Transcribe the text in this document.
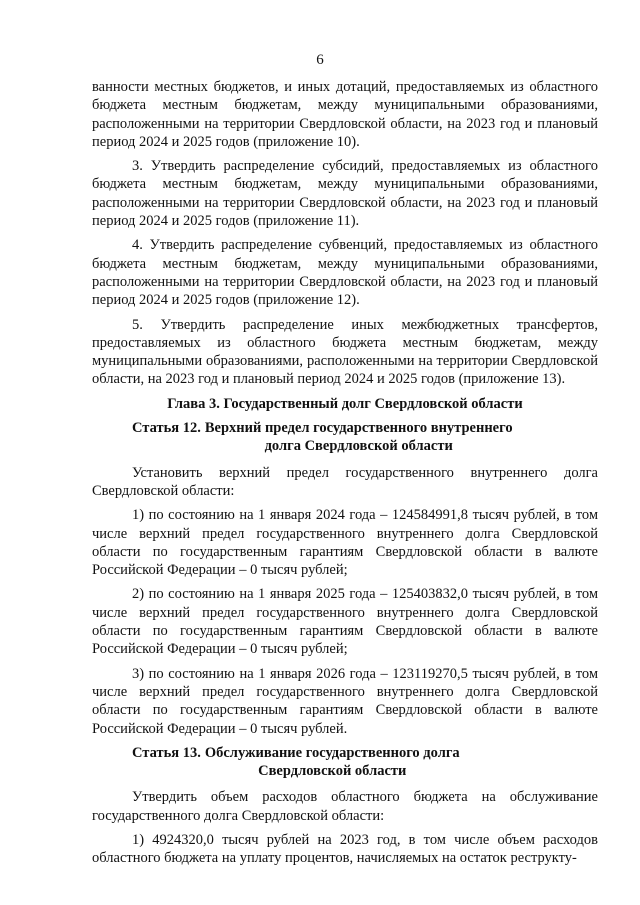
6

ванности местных бюджетов, и иных дотаций, предоставляемых из областного бюджета местным бюджетам, между муниципальными образованиями, расположенными на территории Свердловской области, на 2023 год и плановый период 2024 и 2025 годов (приложение 10).

3. Утвердить распределение субсидий, предоставляемых из областного бюджета местным бюджетам, между муниципальными образованиями, расположенными на территории Свердловской области, на 2023 год и плановый период 2024 и 2025 годов (приложение 11).

4. Утвердить распределение субвенций, предоставляемых из областного бюджета местным бюджетам, между муниципальными образованиями, расположенными на территории Свердловской области, на 2023 год и плановый период 2024 и 2025 годов (приложение 12).

5. Утвердить распределение иных межбюджетных трансфертов, предоставляемых из областного бюджета местным бюджетам, между муниципальными образованиями, расположенными на территории Свердловской области, на 2023 год и плановый период 2024 и 2025 годов (приложение 13).

Глава 3. Государственный долг Свердловской области
Статья 12. Верхний предел государственного внутреннего
долга Свердловской области

Установить верхний предел государственного внутреннего долга Свердловской области:

1) по состоянию на 1 января 2024 года – 124584991,8 тысяч рублей, в том числе верхний предел государственного внутреннего долга Свердловской области по государственным гарантиям Свердловской области в валюте Российской Федерации – 0 тысяч рублей;

2) по состоянию на 1 января 2025 года – 125403832,0 тысяч рублей, в том числе верхний предел государственного внутреннего долга Свердловской области по государственным гарантиям Свердловской области в валюте Российской Федерации – 0 тысяч рублей;

3) по состоянию на 1 января 2026 года – 123119270,5 тысяч рублей, в том числе верхний предел государственного внутреннего долга Свердловской области по государственным гарантиям Свердловской области в валюте Российской Федерации – 0 тысяч рублей.

Статья 13. Обслуживание государственного долга
Свердловской области

Утвердить объем расходов областного бюджета на обслуживание государственного долга Свердловской области:

1) 4924320,0 тысяч рублей на 2023 год, в том числе объем расходов областного бюджета на уплату процентов, начисляемых на остаток реструкту-
